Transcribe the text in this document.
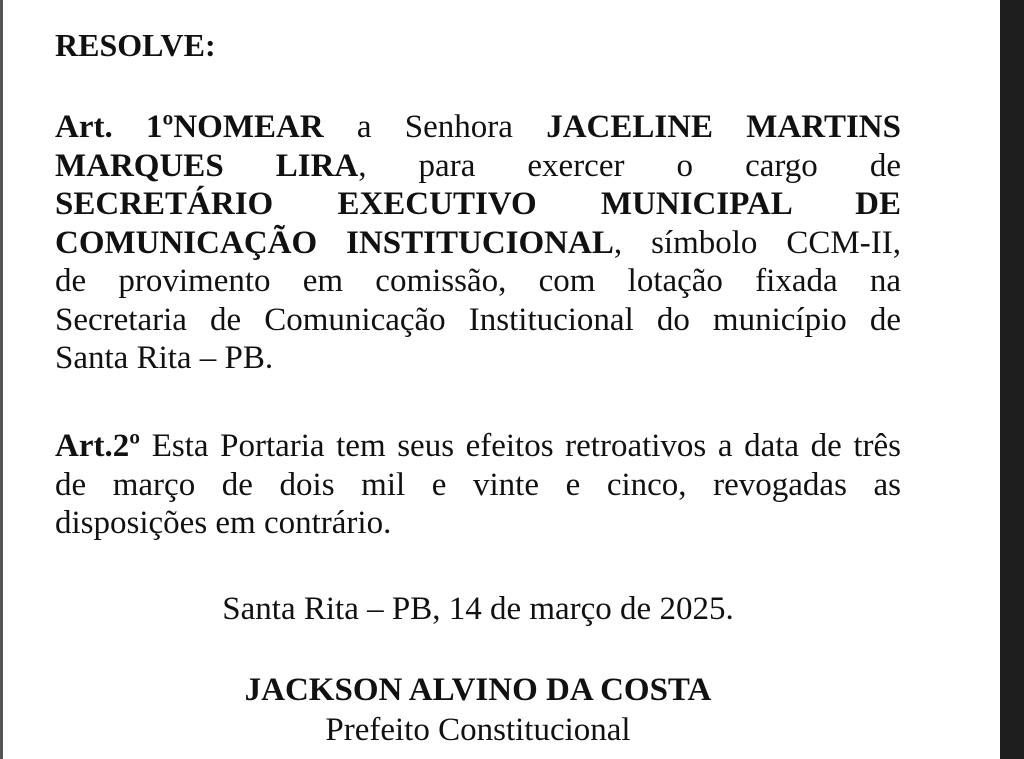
RESOLVE:
Art. 1ºNOMEAR a Senhora JACELINE MARTINS
MARQUES LIRA, para exercer o cargo de
SECRETÁRIO EXECUTIVO MUNICIPAL DE
COMUNICAÇÃO INSTITUCIONAL, símbolo CCM-II,
de provimento em comissão, com lotação fixada na
Secretaria de Comunicação Institucional do município de
Santa Rita – PB.
Art.2º Esta Portaria tem seus efeitos retroativos a data de três
de março de dois mil e vinte e cinco, revogadas as
disposições em contrário.
Santa Rita – PB, 14 de março de 2025.
JACKSON ALVINO DA COSTA
Prefeito Constitucional
